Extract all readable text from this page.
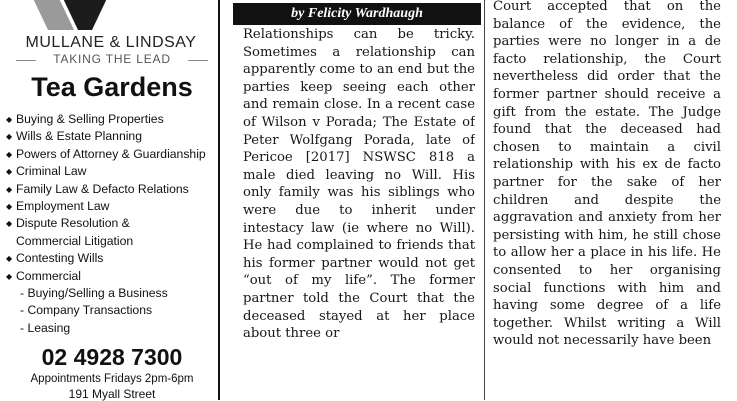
MULLANE & LINDSAY
TAKING THE LEAD
Tea Gardens
◆ Buying & Selling Properties
◆ Wills & Estate Planning
◆ Powers of Attorney & Guardianship
◆ Criminal Law
◆ Family Law & Defacto Relations
◆ Employment Law
◆ Dispute Resolution &
Commercial Litigation
◆ Contesting Wills
◆ Commercial
- Buying/Selling a Business
- Company Transactions
- Leasing
02 4928 7300
Appointments Fridays 2pm-6pm
191 Myall Street
by Felicity Wardhaugh

Relationships can be tricky. Sometimes a relationship can apparently come to an end but the parties keep seeing each other and remain close. In a recent case of Wilson v Porada; The Estate of Peter Wolfgang Porada, late of Pericoe [2017] NSWSC 818 a male died leaving no Will. His only family was his siblings who were due to inherit under intestacy law (ie where no Will). He had complained to friends that his former partner would not get “out of my life”. The former partner told the Court that the deceased stayed at her place about three or

Court accepted that on the balance of the evidence, the parties were no longer in a de facto relationship, the Court nevertheless did order that the former partner should receive a gift from the estate. The Judge found that the deceased had chosen to maintain a civil relationship with his ex de facto partner for the sake of her children and despite the aggravation and anxiety from her persisting with him, he still chose to allow her a place in his life. He consented to her organising social functions with him and having some degree of a life together. Whilst writing a Will would not necessarily have been
